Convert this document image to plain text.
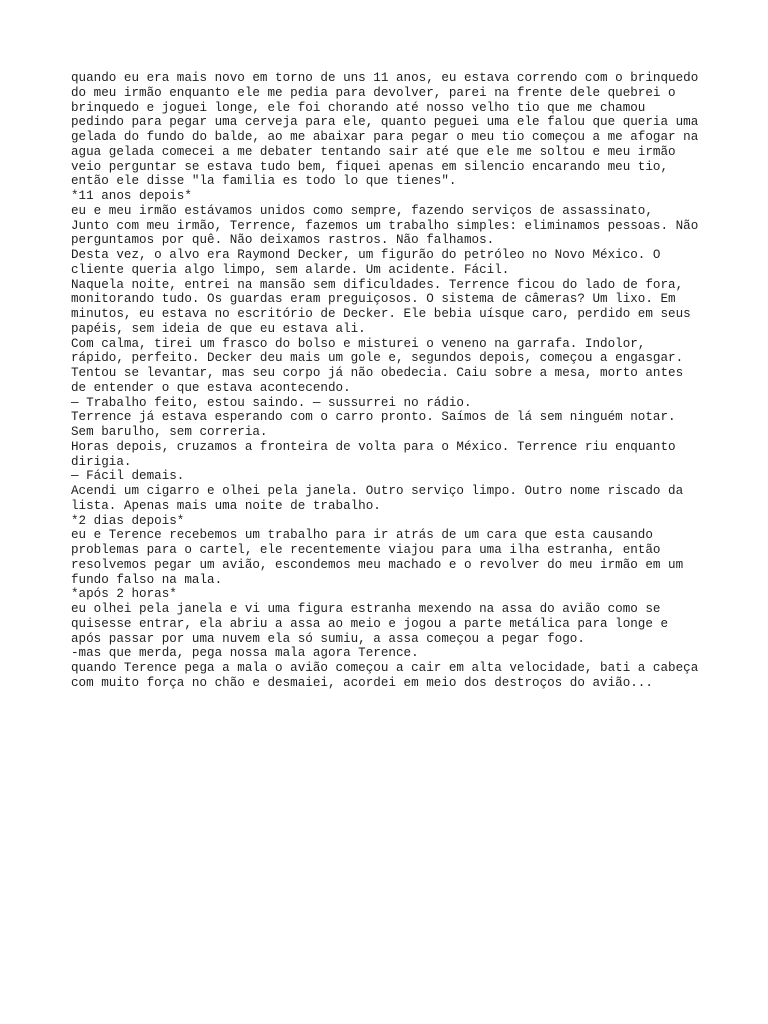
quando eu era mais novo em torno de uns 11 anos, eu estava correndo com o brinquedo
do meu irmão enquanto ele me pedia para devolver, parei na frente dele quebrei o
brinquedo e joguei longe, ele foi chorando até nosso velho tio que me chamou
pedindo para pegar uma cerveja para ele, quanto peguei uma ele falou que queria uma
gelada do fundo do balde, ao me abaixar para pegar o meu tio começou a me afogar na
agua gelada comecei a me debater tentando sair até que ele me soltou e meu irmão
veio perguntar se estava tudo bem, fiquei apenas em silencio encarando meu tio,
então ele disse "la familia es todo lo que tienes".
*11 anos depois*
eu e meu irmão estávamos unidos como sempre, fazendo serviços de assassinato,
Junto com meu irmão, Terrence, fazemos um trabalho simples: eliminamos pessoas. Não
perguntamos por quê. Não deixamos rastros. Não falhamos.
Desta vez, o alvo era Raymond Decker, um figurão do petróleo no Novo México. O
cliente queria algo limpo, sem alarde. Um acidente. Fácil.
Naquela noite, entrei na mansão sem dificuldades. Terrence ficou do lado de fora,
monitorando tudo. Os guardas eram preguiçosos. O sistema de câmeras? Um lixo. Em
minutos, eu estava no escritório de Decker. Ele bebia uísque caro, perdido em seus
papéis, sem ideia de que eu estava ali.
Com calma, tirei um frasco do bolso e misturei o veneno na garrafa. Indolor,
rápido, perfeito. Decker deu mais um gole e, segundos depois, começou a engasgar.
Tentou se levantar, mas seu corpo já não obedecia. Caiu sobre a mesa, morto antes
de entender o que estava acontecendo.
— Trabalho feito, estou saindo. — sussurrei no rádio.
Terrence já estava esperando com o carro pronto. Saímos de lá sem ninguém notar.
Sem barulho, sem correria.
Horas depois, cruzamos a fronteira de volta para o México. Terrence riu enquanto
dirigia.
— Fácil demais.
Acendi um cigarro e olhei pela janela. Outro serviço limpo. Outro nome riscado da
lista. Apenas mais uma noite de trabalho.
*2 dias depois*
eu e Terence recebemos um trabalho para ir atrás de um cara que esta causando
problemas para o cartel, ele recentemente viajou para uma ilha estranha, então
resolvemos pegar um avião, escondemos meu machado e o revolver do meu irmão em um
fundo falso na mala.
*após 2 horas*
eu olhei pela janela e vi uma figura estranha mexendo na assa do avião como se
quisesse entrar, ela abriu a assa ao meio e jogou a parte metálica para longe e
após passar por uma nuvem ela só sumiu, a assa começou a pegar fogo.
-mas que merda, pega nossa mala agora Terence.
quando Terence pega a mala o avião começou a cair em alta velocidade, bati a cabeça
com muito força no chão e desmaiei, acordei em meio dos destroços do avião...
